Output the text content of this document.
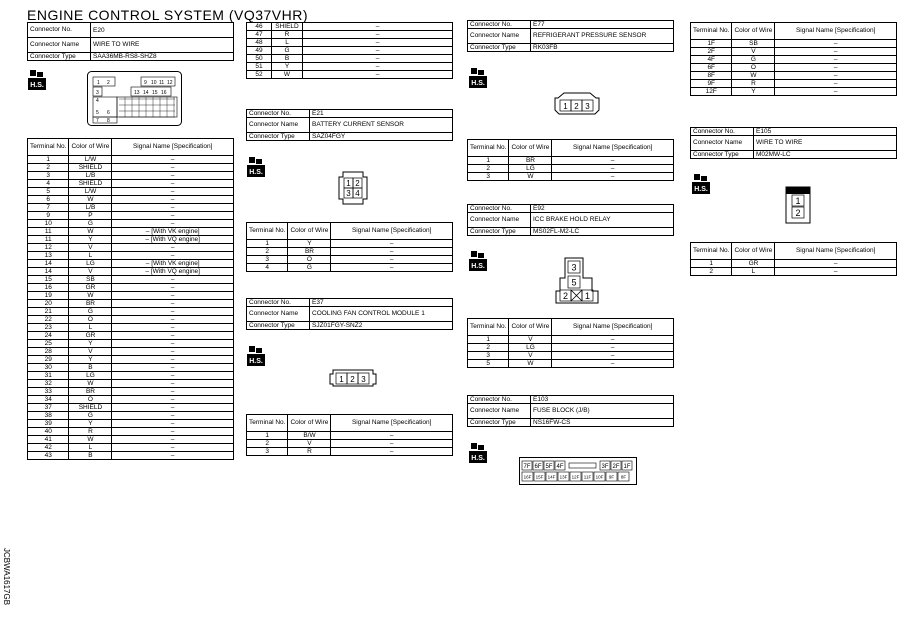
ENGINE CONTROL SYSTEM (VQ37VHR)
JCBWA1617GB
Connector No.	E20
Connector Name	WIRE TO WIRE
Connector Type	SAA36MB-RS8-SHZ8
H.S.	1 2
3
4
5 6
7 8
9 10 11 12
13 14 15 16
Terminal No.	Color of Wire	Signal Name [Specification]
1	L/W	–
2	SHIELD	–
3	L/B	–
4	SHIELD	–
5	L/W	–
6	W	–
7	L/B	–
9	P	–
10	G	–
11	W	– [With VK engine]
11	Y	– [With VQ engine]
12	V	–
13	L	–
14	LG	– [With VK engine]
14	V	– [With VQ engine]
15	SB	–
16	GR	–
19	W	–
20	BR	–
21	G	–
22	O	–
23	L	–
24	GR	–
25	Y	–
28	V	–
29	Y	–
30	B	–
31	LG	–
32	W	–
33	BR	–
34	O	–
37	SHIELD	–
38	G	–
39	Y	–
40	R	–
41	W	–
42	L	–
43	B	–
46	SHIELD	–
47	R	–
48	L	–
49	G	–
50	B	–
51	Y	–
52	W	–
Connector No.	E21
Connector Name	BATTERY CURRENT SENSOR
Connector Type	SAZ04FGY
H.S.
1 2
3 4
Terminal No.	Color of Wire	Signal Name [Specification]
1	Y	–
2	BR	–
3	O	–
4	G	–
Connector No.	E37
Connector Name	COOLING FAN CONTROL MODULE 1
Connector Type	SJZ01FGY-SNZ2
H.S.
1 2 3
Terminal No.	Color of Wire	Signal Name [Specification]
1	B/W	–
2	V	–
3	R	–
Connector No.	E77
Connector Name	REFRIGERANT PRESSURE SENSOR
Connector Type	RK03FB
H.S.
1 2 3
Terminal No.	Color of Wire	Signal Name [Specification]
1	BR	–
2	LG	–
3	W	–
Connector No.	E92
Connector Name	ICC BRAKE HOLD RELAY
Connector Type	MS02FL-M2-LC
H.S.	3
5
2 1
Terminal No.	Color of Wire	Signal Name [Specification]
1	V	–
2	LG	–
3	V	–
5	W	–
Connector No.	E103
Connector Name	FUSE BLOCK (J/B)
Connector Type	NS16FW-CS
H.S.
7F 6F 5F 4F	3F 2F 1F
16F 15F 14F 13F 12F 11F 10F 9F 8F
Terminal No.	Color of Wire	Signal Name [Specification]
1F	SB	–
2F	V	–
4F	G	–
6F	O	–
8F	W	–
9F	R	–
12F	Y	–
Connector No.	E105
Connector Name	WIRE TO WIRE
Connector Type	M02MW-LC
H.S.
1
2
Terminal No.	Color of Wire	Signal Name [Specification]
1	GR	–
2	L	–
